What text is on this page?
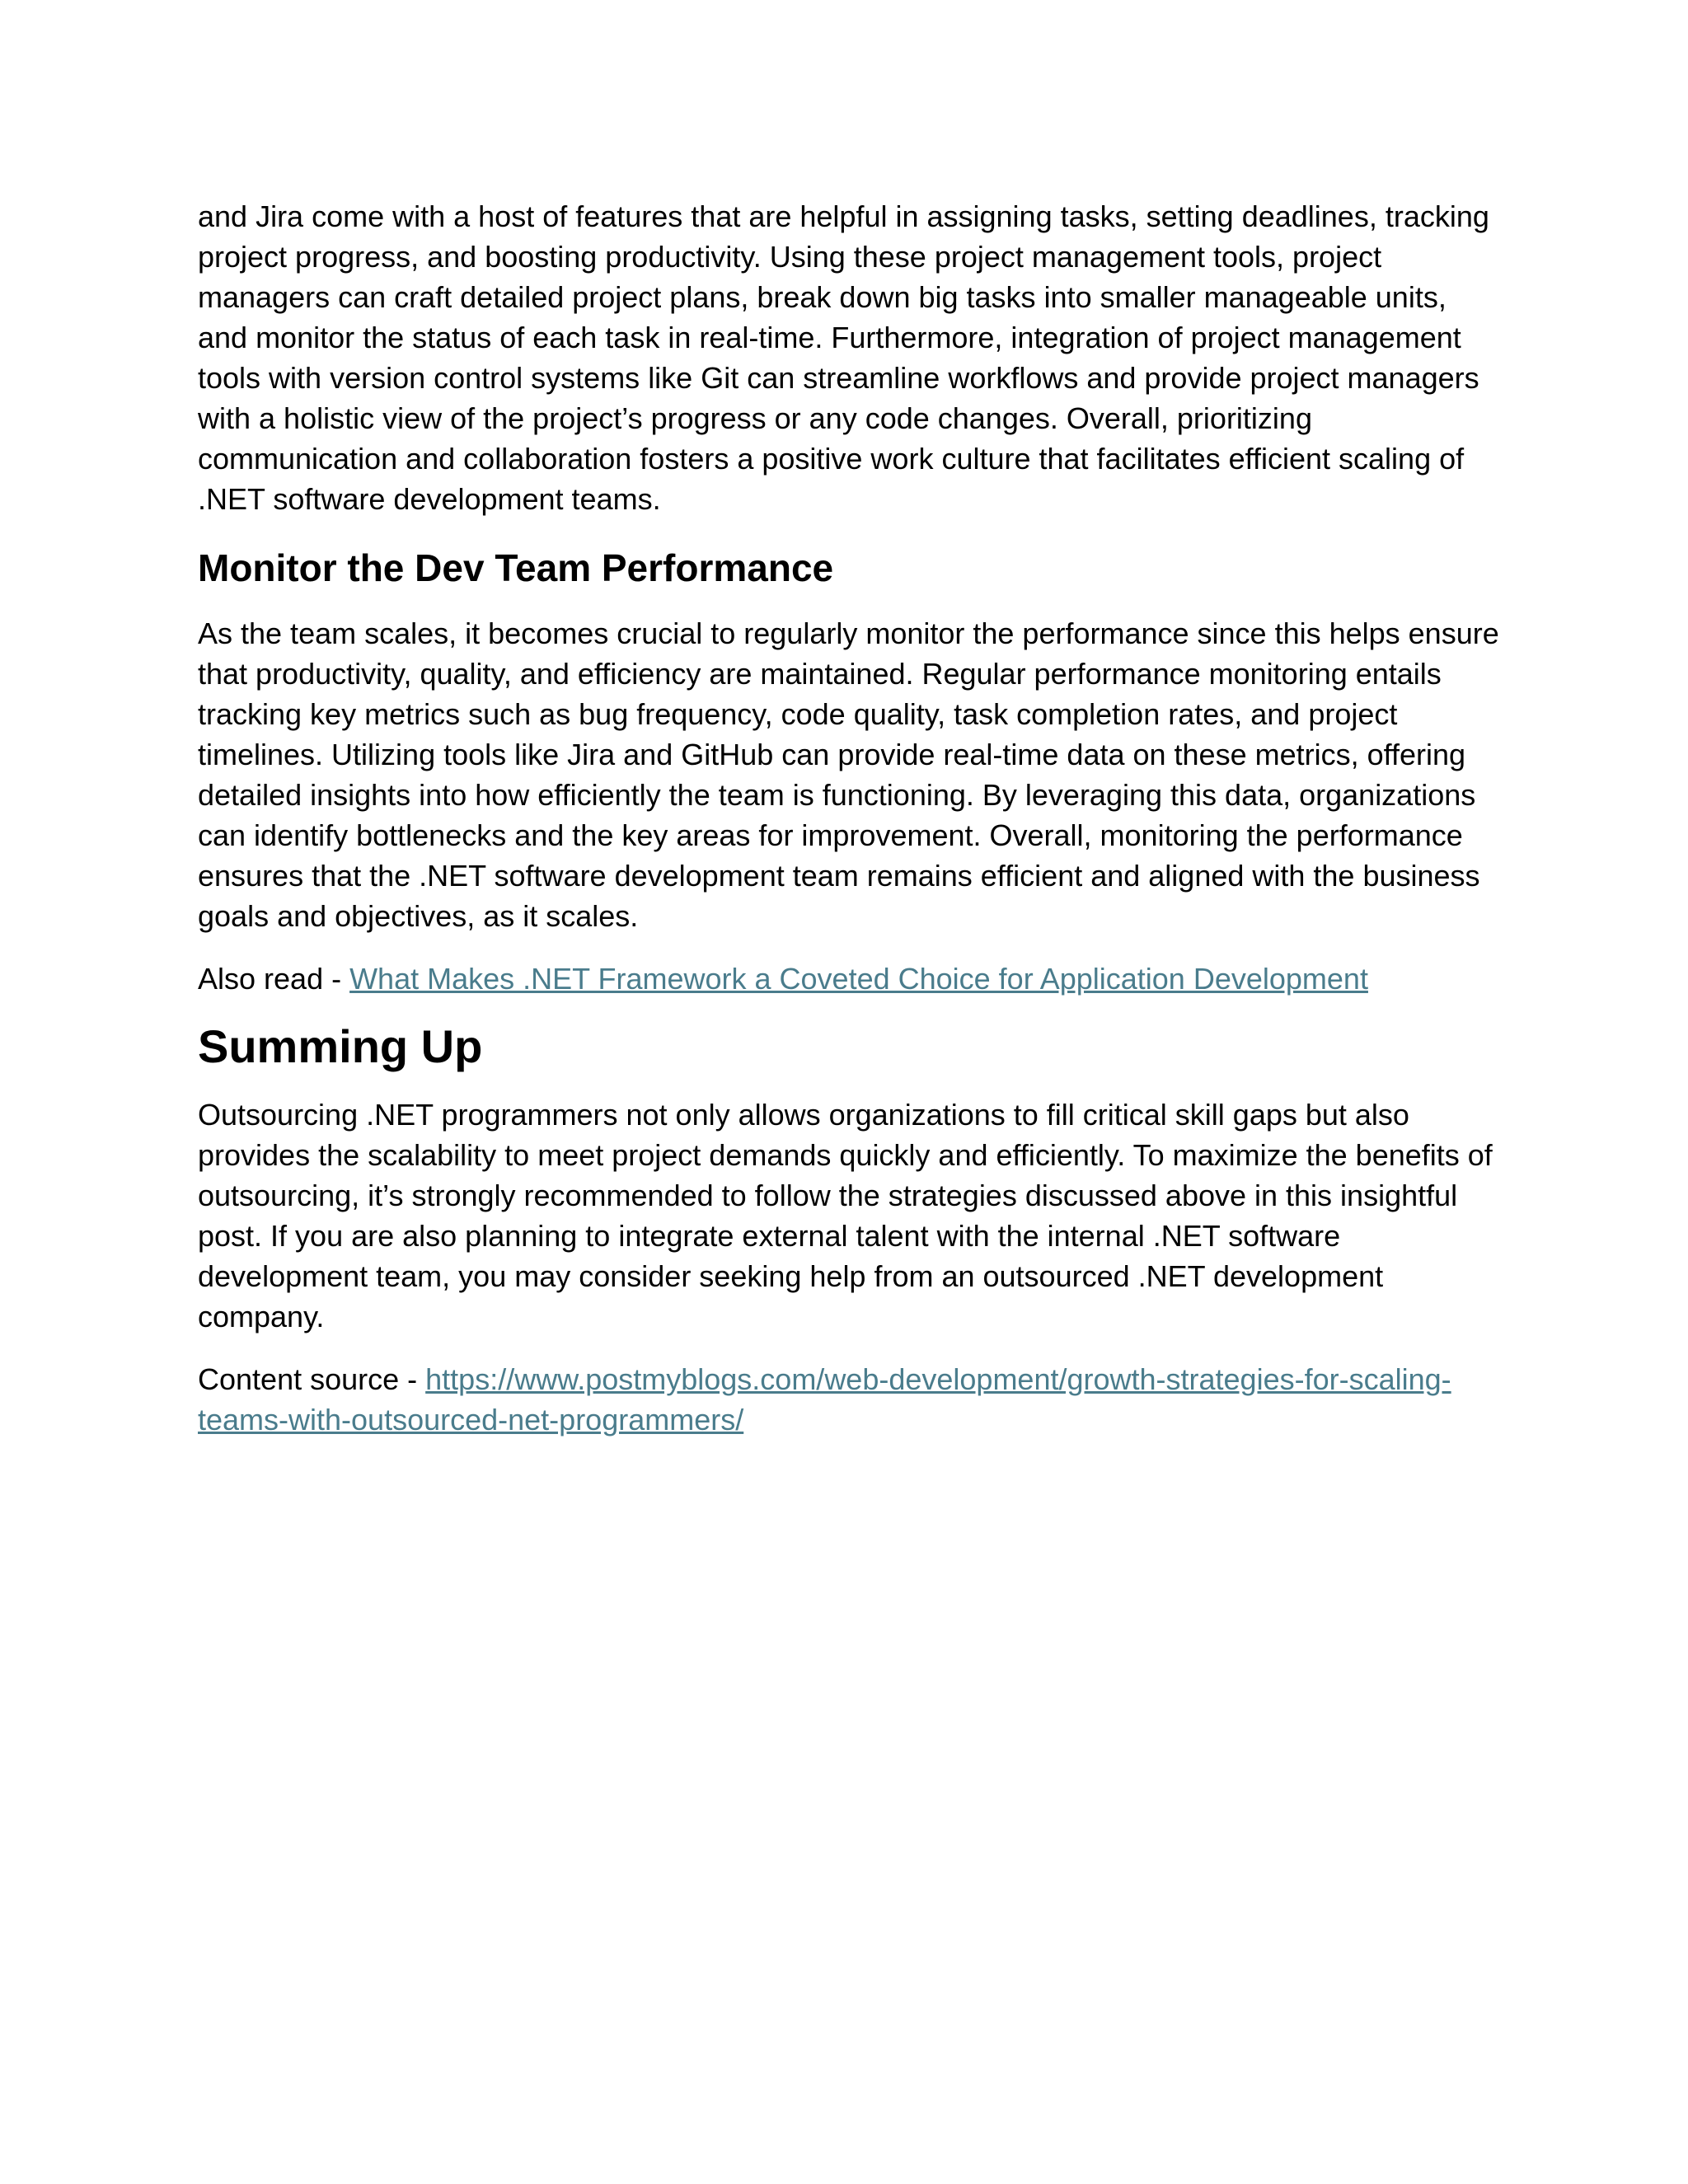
and Jira come with a host of features that are helpful in assigning tasks, setting deadlines, tracking project progress, and boosting productivity. Using these project management tools, project managers can craft detailed project plans, break down big tasks into smaller manageable units, and monitor the status of each task in real-time. Furthermore, integration of project management tools with version control systems like Git can streamline workflows and provide project managers with a holistic view of the project’s progress or any code changes. Overall, prioritizing communication and collaboration fosters a positive work culture that facilitates efficient scaling of .NET software development teams.

Monitor the Dev Team Performance

As the team scales, it becomes crucial to regularly monitor the performance since this helps ensure that productivity, quality, and efficiency are maintained. Regular performance monitoring entails tracking key metrics such as bug frequency, code quality, task completion rates, and project timelines. Utilizing tools like Jira and GitHub can provide real-time data on these metrics, offering detailed insights into how efficiently the team is functioning. By leveraging this data, organizations can identify bottlenecks and the key areas for improvement. Overall, monitoring the performance ensures that the .NET software development team remains efficient and aligned with the business goals and objectives, as it scales.

Also read - What Makes .NET Framework a Coveted Choice for Application Development

Summing Up

Outsourcing .NET programmers not only allows organizations to fill critical skill gaps but also provides the scalability to meet project demands quickly and efficiently. To maximize the benefits of outsourcing, it’s strongly recommended to follow the strategies discussed above in this insightful post. If you are also planning to integrate external talent with the internal .NET software development team, you may consider seeking help from an outsourced .NET development company.

Content source - https://www.postmyblogs.com/web-development/growth-strategies-for-scaling-
teams-with-outsourced-net-programmers/
